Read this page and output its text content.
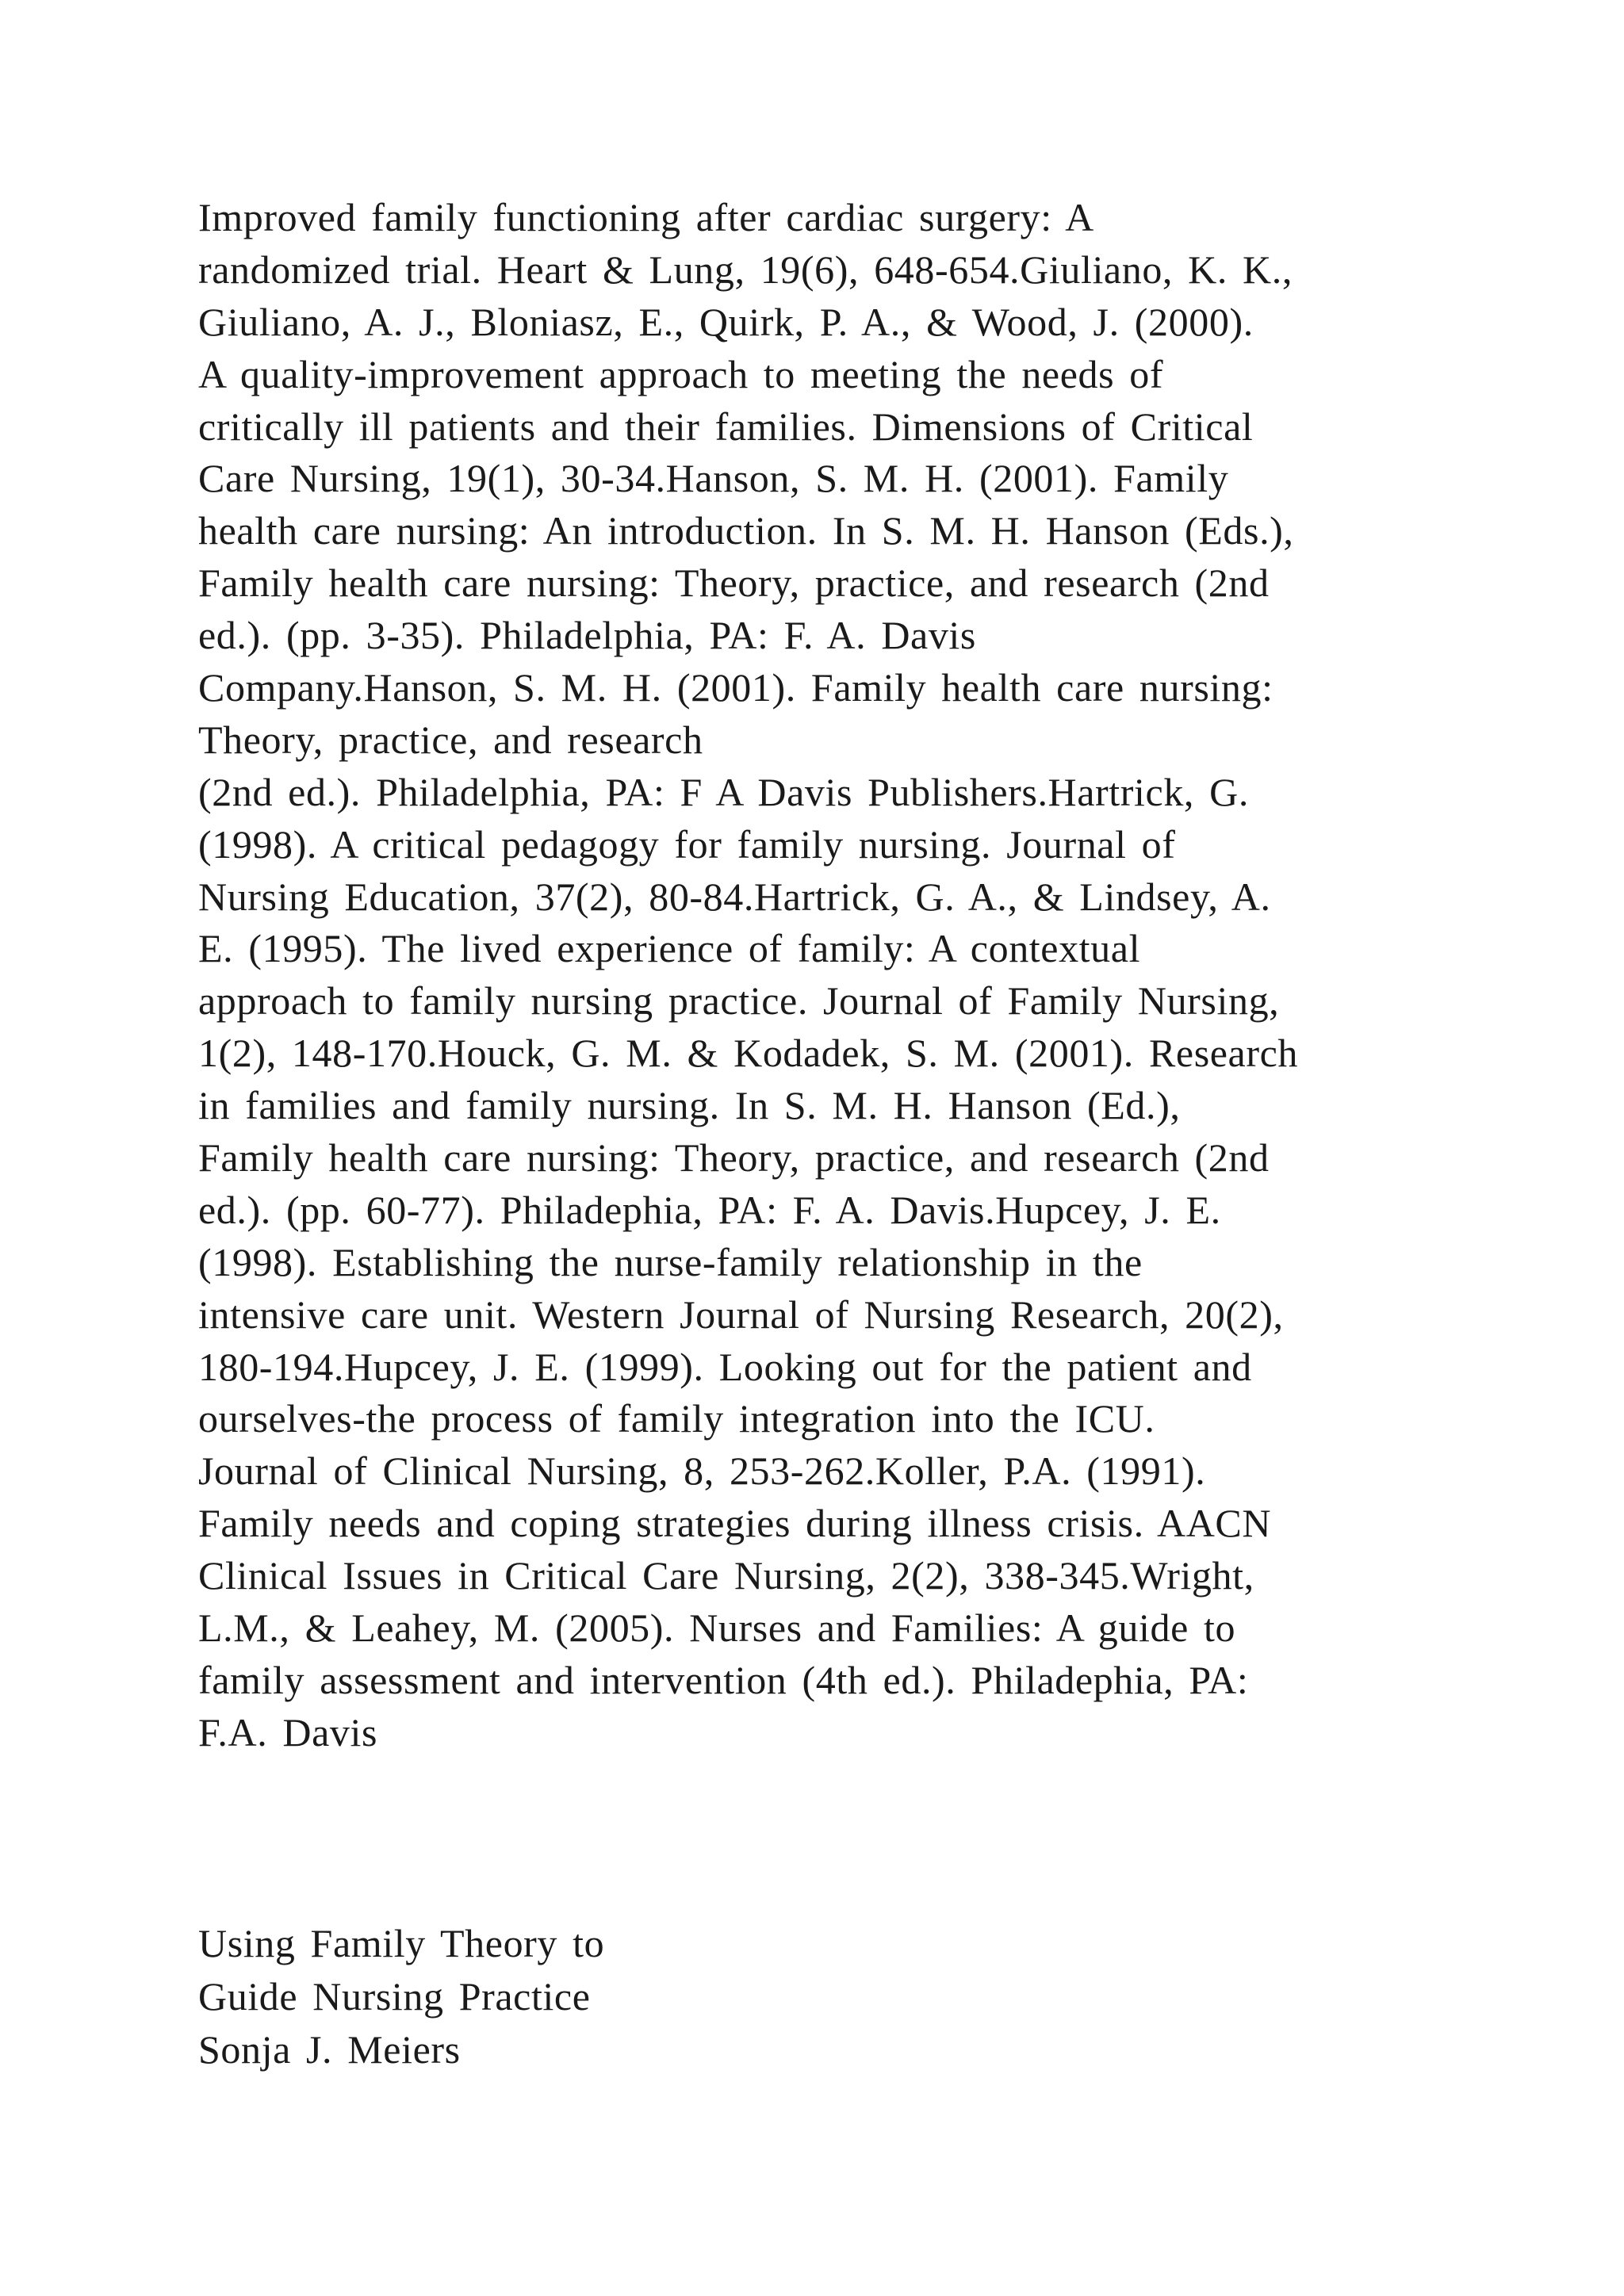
Improved family functioning after cardiac surgery: A
randomized trial. Heart & Lung, 19(6), 648-654.Giuliano, K. K.,
Giuliano, A. J., Bloniasz, E., Quirk, P. A., & Wood, J. (2000).
A quality-improvement approach to meeting the needs of
critically ill patients and their families. Dimensions of Critical
Care Nursing, 19(1), 30-34.Hanson, S. M. H. (2001). Family
health care nursing: An introduction. In S. M. H. Hanson (Eds.),
Family health care nursing: Theory, practice, and research (2nd
ed.). (pp. 3-35). Philadelphia, PA: F. A. Davis
Company.Hanson, S. M. H. (2001). Family health care nursing:
Theory, practice, and research
(2nd ed.). Philadelphia, PA: F A Davis Publishers.Hartrick, G.
(1998). A critical pedagogy for family nursing. Journal of
Nursing Education, 37(2), 80-84.Hartrick, G. A., & Lindsey, A.
E. (1995). The lived experience of family: A contextual
approach to family nursing practice. Journal of Family Nursing,
1(2), 148-170.Houck, G. M. & Kodadek, S. M. (2001). Research
in families and family nursing. In S. M. H. Hanson (Ed.),
Family health care nursing: Theory, practice, and research (2nd
ed.). (pp. 60-77). Philadephia, PA: F. A. Davis.Hupcey, J. E.
(1998). Establishing the nurse-family relationship in the
intensive care unit. Western Journal of Nursing Research, 20(2),
180-194.Hupcey, J. E. (1999). Looking out for the patient and
ourselves-the process of family integration into the ICU.
Journal of Clinical Nursing, 8, 253-262.Koller, P.A. (1991).
Family needs and coping strategies during illness crisis. AACN
Clinical Issues in Critical Care Nursing, 2(2), 338-345.Wright,
L.M., & Leahey, M. (2005). Nurses and Families: A guide to
family assessment and intervention (4th ed.). Philadephia, PA:
F.A. Davis
Using Family Theory to
Guide Nursing Practice
Sonja J. Meiers
